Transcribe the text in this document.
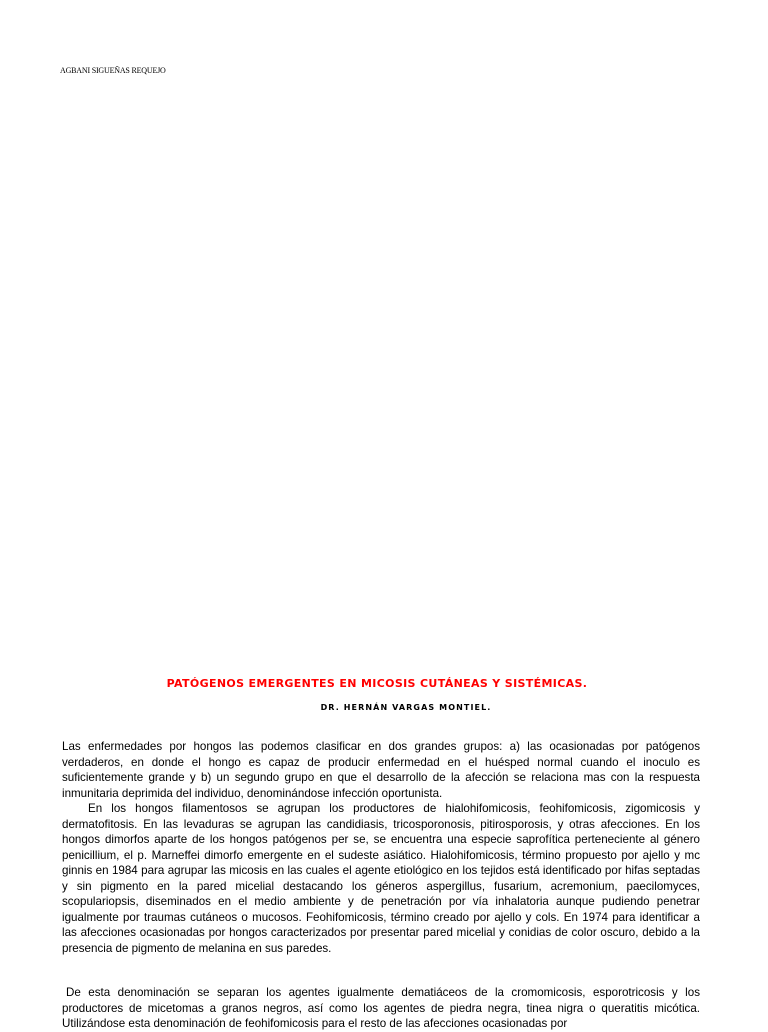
AGBANI SIGUEÑAS REQUEJO
PATÓGENOS EMERGENTES EN MICOSIS CUTÁNEAS Y SISTÉMICAS.
DR. HERNÁN VARGAS MONTIEL.

Las enfermedades por hongos las podemos clasificar en dos grandes grupos: a) las ocasionadas por patógenos verdaderos, en donde el hongo es capaz de producir enfermedad en el huésped normal cuando el inoculo es suficientemente grande y b) un segundo grupo en que el desarrollo de la afección se relaciona mas con la respuesta inmunitaria deprimida del individuo, denominándose infección oportunista.

En los hongos filamentosos se agrupan los productores de hialohifomicosis, feohifomicosis, zigomicosis y dermatofitosis. En las levaduras se agrupan las candidiasis, tricosporonosis, pitirosporosis, y otras afecciones. En los hongos dimorfos aparte de los hongos patógenos per se, se encuentra una especie saprofítica perteneciente al género penicillium, el p. Marneffei dimorfo emergente en el sudeste asiático. Hialohifomicosis, término propuesto por ajello y mc ginnis en 1984 para agrupar las micosis en las cuales el agente etiológico en los tejidos está identificado por hifas septadas y sin pigmento en la pared micelial destacando los géneros aspergillus, fusarium, acremonium, paecilomyces, scopulariopsis, diseminados en el medio ambiente y de penetración por vía inhalatoria aunque pudiendo penetrar igualmente por traumas cutáneos o mucosos. Feohifomicosis, término creado por ajello y cols. En 1974 para identificar a las afecciones ocasionadas por hongos caracterizados por presentar pared micelial y conidias de color oscuro, debido a la presencia de pigmento de melanina en sus paredes.

De esta denominación se separan los agentes igualmente dematiáceos de la cromomicosis, esporotricosis y los productores de micetomas a granos negros, así como los agentes de piedra negra, tinea nigra o queratitis micótica. Utilizándose esta denominación de feohifomicosis para el resto de las afecciones ocasionadas por
